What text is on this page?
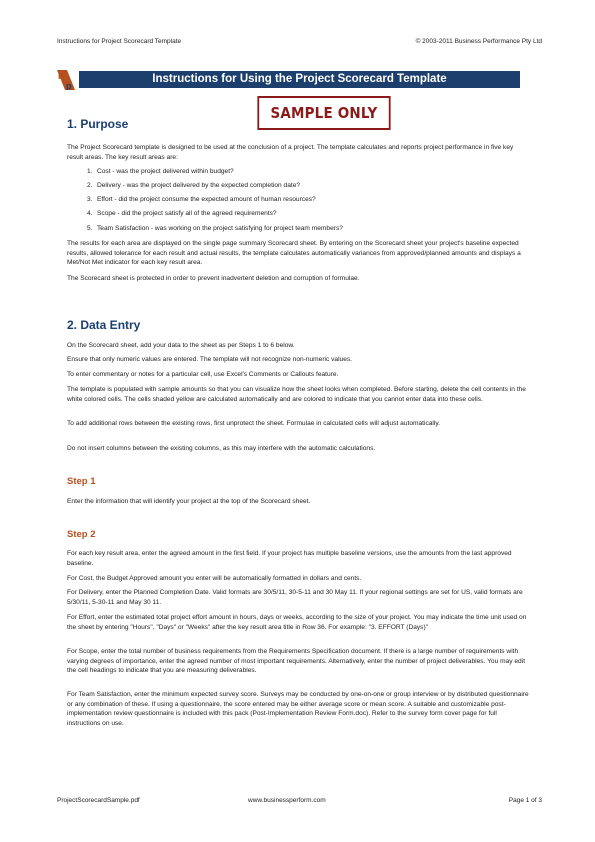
Instructions for Project Scorecard Template	© 2003-2011 Business Performance Pty Ltd
b
p
Instructions for Using the Project Scorecard Template
SAMPLE ONLY
1. Purpose
The Project Scorecard template is designed to be used at the conclusion of a project. The template calculates and reports project performance in five key result areas. The key result areas are:
1. Cost - was the project delivered within budget?
2. Delivery - was the project delivered by the expected completion date?
3. Effort - did the project consume the expected amount of human resources?
4. Scope - did the project satisfy all of the agreed requirements?
5. Team Satisfaction - was working on the project satisfying for project team members?
The results for each area are displayed on the single page summary Scorecard sheet. By entering on the Scorecard sheet your project's baseline expected results, allowed tolerance for each result and actual results, the template calculates automatically variances from approved/planned amounts and displays a Met/Not Met indicator for each key result area.
The Scorecard sheet is protected in order to prevent inadvertent deletion and corruption of formulae.
2. Data Entry
On the Scorecard sheet, add your data to the sheet as per Steps 1 to 6 below.
Ensure that only numeric values are entered. The template will not recognize non-numeric values.
To enter commentary or notes for a particular cell, use Excel's Comments or Callouts feature.
The template is populated with sample amounts so that you can visualize how the sheet looks when completed. Before starting, delete the cell contents in the white colored cells. The cells shaded yellow are calculated automatically and are colored to indicate that you cannot enter data into these cells.
To add additional rows between the existing rows, first unprotect the sheet. Formulae in calculated cells will adjust automatically.
Do not insert columns between the existing columns, as this may interfere with the automatic calculations.
Step 1
Enter the information that will identify your project at the top of the Scorecard sheet.
Step 2
For each key result area, enter the agreed amount in the first field. If your project has multiple baseline versions, use the amounts from the last approved baseline.
For Cost, the Budget Approved amount you enter will be automatically formatted in dollars and cents.
For Delivery, enter the Planned Completion Date. Valid formats are 30/5/11, 30-5-11 and 30 May 11. If your regional settings are set for US, valid formats are 5/30/11, 5-30-11 and May 30 11.
For Effort, enter the estimated total project effort amount in hours, days or weeks, according to the size of your project. You may indicate the time unit used on the sheet by entering "Hours", "Days" or "Weeks" after the key result area title in Row 36. For example: "3. EFFORT (Days)"
For Scope, enter the total number of business requirements from the Requirements Specification document. If there is a large number of requirements with varying degrees of importance, enter the agreed number of most important requirements. Alternatively, enter the number of project deliverables. You may edit the cell headings to indicate that you are measuring deliverables.
For Team Satisfaction, enter the minimum expected survey score. Surveys may be conducted by one-on-one or group interview or by distributed questionnaire or any combination of these. If using a questionnaire, the score entered may be either average score or mean score. A suitable and customizable post-implementation review questionnaire is included with this pack (Post-Implementation Review Form.doc). Refer to the survey form cover page for full instructions on use.
ProjectScorecardSample.pdf	www.businessperform.com	Page 1 of 3
